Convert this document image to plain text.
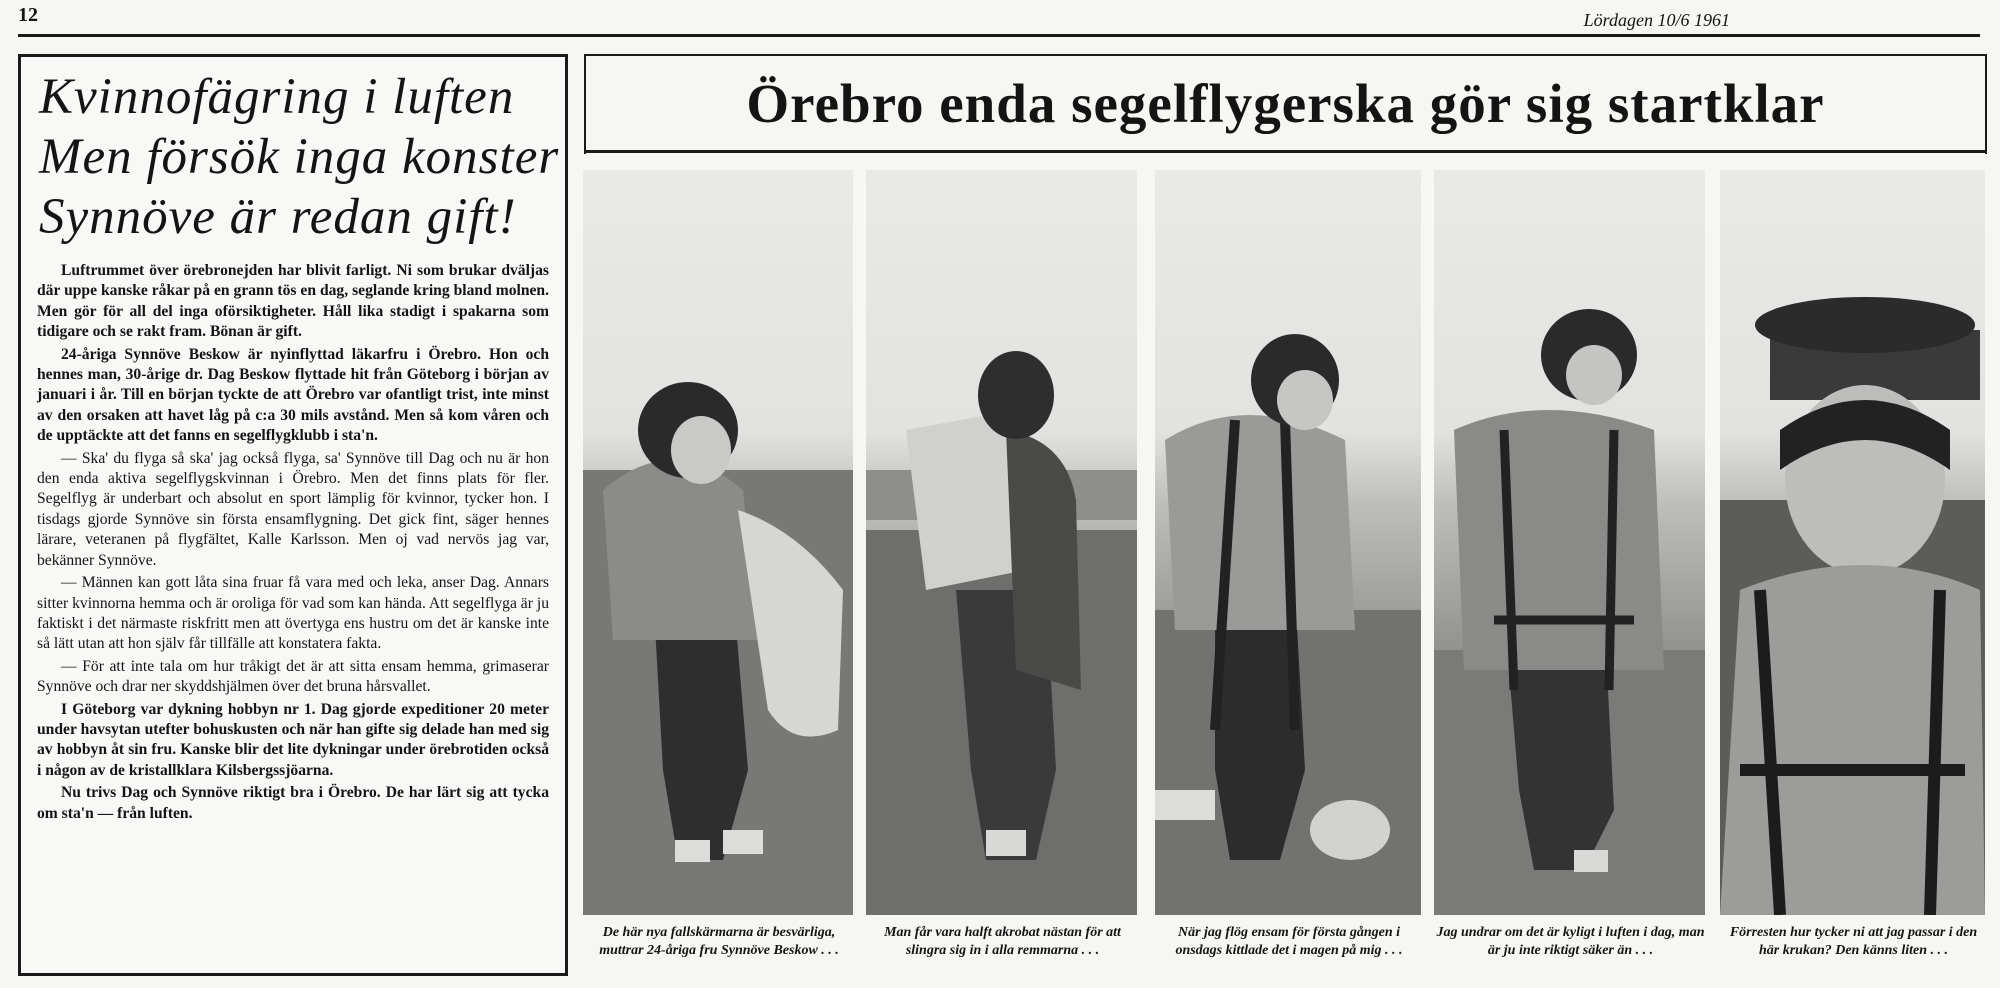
12	Lördagen 10/6 1961
Kvinnofägring i luften
Men försök inga konster
Synnöve är redan gift!

Luftrummet över örebronejden har blivit farligt. Ni som brukar dväljas där uppe kanske råkar på en grann tös en dag, seglande kring bland molnen. Men gör för all del inga oförsiktigheter. Håll lika stadigt i spakarna som tidigare och se rakt fram. Bönan är gift.

24-åriga Synnöve Beskow är nyinflyttad läkarfru i Örebro. Hon och hennes man, 30-årige dr. Dag Beskow flyttade hit från Göteborg i början av januari i år. Till en början tyckte de att Örebro var ofantligt trist, inte minst av den orsaken att havet låg på c:a 30 mils avstånd. Men så kom våren och de upptäckte att det fanns en segelflygklubb i sta'n.

— Ska' du flyga så ska' jag också flyga, sa' Synnöve till Dag och nu är hon den enda aktiva segelflygskvinnan i Örebro. Men det finns plats för fler. Segelflyg är underbart och absolut en sport lämplig för kvinnor, tycker hon. I tisdags gjorde Synnöve sin första ensamflygning. Det gick fint, säger hennes lärare, veteranen på flygfältet, Kalle Karlsson. Men oj vad nervös jag var, bekänner Synnöve.

— Männen kan gott låta sina fruar få vara med och leka, anser Dag. Annars sitter kvinnorna hemma och är oroliga för vad som kan hända. Att segelflyga är ju faktiskt i det närmaste riskfritt men att övertyga ens hustru om det är kanske inte så lätt utan att hon själv får tillfälle att konstatera fakta.

— För att inte tala om hur tråkigt det är att sitta ensam hemma, grimaserar Synnöve och drar ner skyddshjälmen över det bruna hårsvallet.

I Göteborg var dykning hobbyn nr 1. Dag gjorde expeditioner 20 meter under havsytan utefter bohuskusten och när han gifte sig delade han med sig av hobbyn åt sin fru. Kanske blir det lite dykningar under örebrotiden också i någon av de kristallklara Kilsbergssjöarna.

Nu trivs Dag och Synnöve riktigt bra i Örebro. De har lärt sig att tycka om sta'n — från luften.

Örebro enda segelflygerska gör sig startklar
De här nya fallskärmarna är besvärliga, muttrar 24-åriga fru Synnöve Beskow . . .
Man får vara halft akrobat nästan för att slingra sig in i alla remmarna . . .
När jag flög ensam för första gången i onsdags kittlade det i magen på mig . . .
Jag undrar om det är kyligt i luften i dag, man är ju inte riktigt säker än . . .
Förresten hur tycker ni att jag passar i den här krukan? Den känns liten . . .
